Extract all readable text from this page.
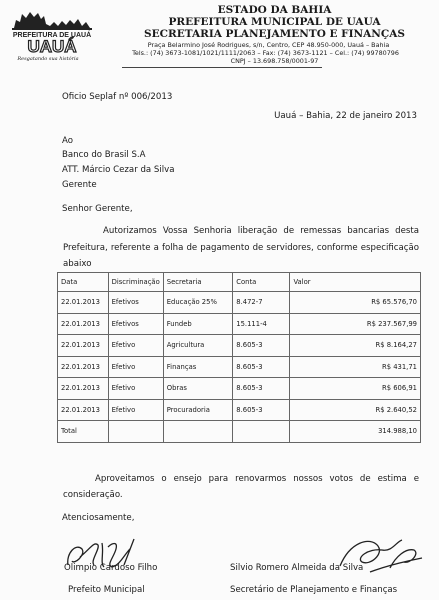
PREFEITURA DE UAUÁ
UAUÁ
Resgatando sua história
ESTADO DA BAHIA
PREFEITURA MUNICIPAL DE UAUA
SECRETARIA PLANEJAMENTO E FINANÇAS
Praça Belarmino José Rodrigues, s/n, Centro, CEP 48.950-000, Uauá – Bahia
Tels.: (74) 3673-1081/1021/1111/2063 – Fax: (74) 3673-1121 – Cel.: (74) 99780796
CNPJ – 13.698.758/0001-97
Oficio Seplaf nº 006/2013
Uauá – Bahia, 22 de janeiro 2013
Ao
Banco do Brasil S.A
ATT. Márcio Cezar da Silva
Gerente
Senhor Gerente,
Autorizamos Vossa Senhoria liberação de remessas bancarias desta Prefeitura, referente a folha de pagamento de servidores, conforme especificação abaixo
Data	Discriminação	Secretaria	Conta	Valor
22.01.2013	Efetivos	Educação 25%	8.472-7	R$ 65.576,70
22.01.2013	Efetivos	Fundeb	15.111-4	R$ 237.567,99
22.01.2013	Efetivo	Agricultura	8.605-3	R$ 8.164,27
22.01.2013	Efetivo	Finanças	8.605-3	R$ 431,71
22.01.2013	Efetivo	Obras	8.605-3	R$ 606,91
22.01.2013	Efetivo	Procuradoria	8.605-3	R$ 2.640,52
Total				314.988,10
Aproveitamos o ensejo para renovarmos nossos votos de estima e consideração.
Atenciosamente,
Olimpio Cardoso Filho
Prefeito Municipal
Silvio Romero Almeida da Silva
Secretário de Planejamento e Finanças
